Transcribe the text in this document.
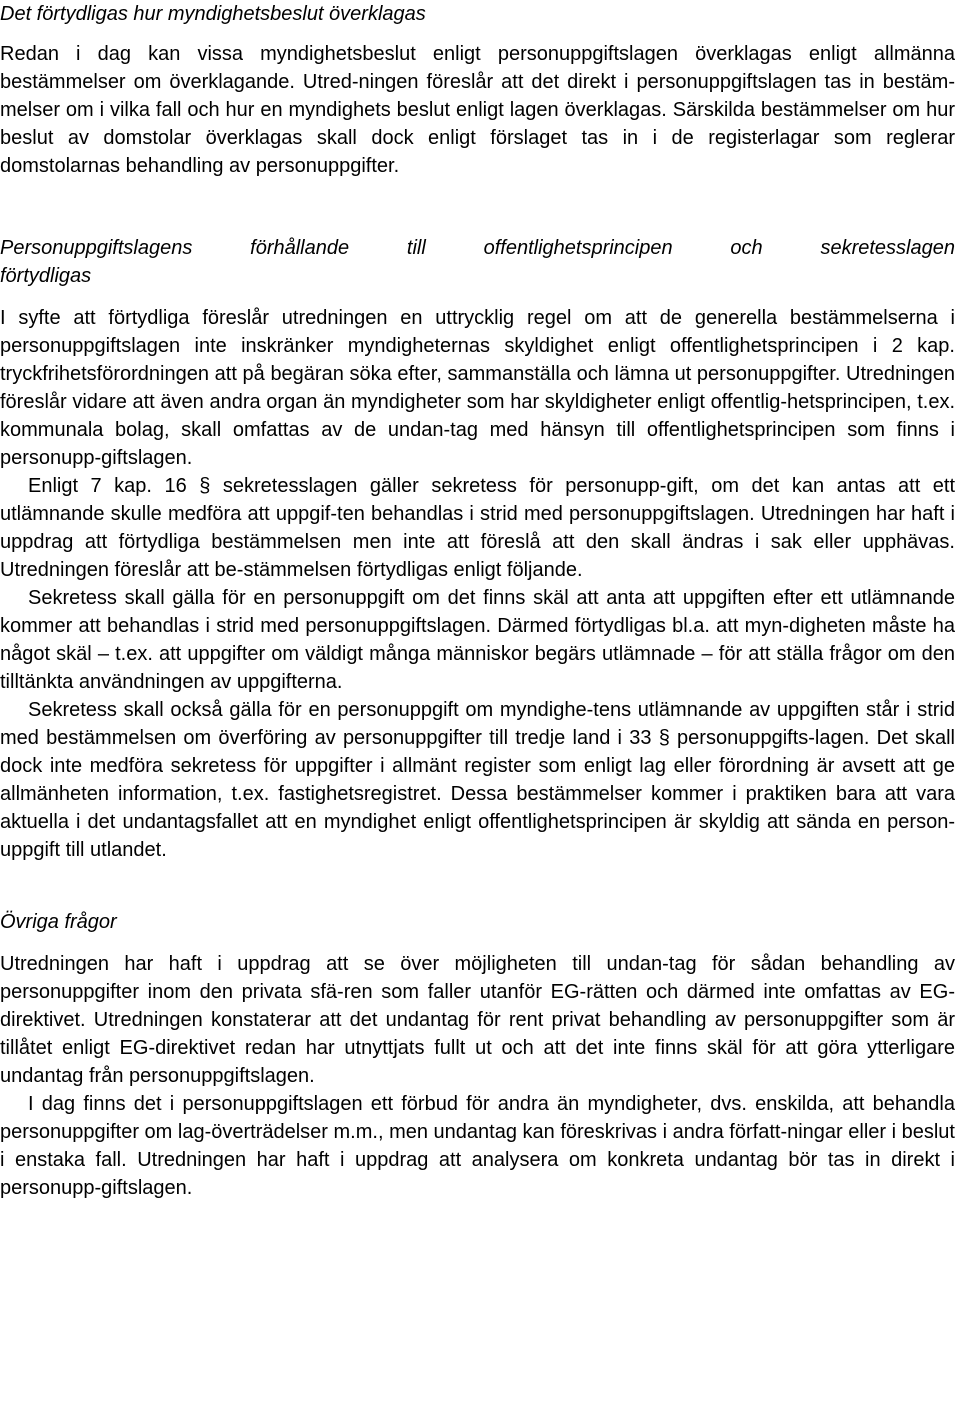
Det förtydligas hur myndighetsbeslut överklagas

Redan i dag kan vissa myndighetsbeslut enligt personuppgiftslagen överklagas enligt allmänna bestämmelser om överklagande. Utred-ningen föreslår att det direkt i personuppgiftslagen tas in bestäm-melser om i vilka fall och hur en myndighets beslut enligt lagen överklagas. Särskilda bestämmelser om hur beslut av domstolar överklagas skall dock enligt förslaget tas in i de registerlagar som reglerar domstolarnas behandling av personuppgifter.

Personuppgiftslagens förhållande till offentlighetsprincipen och sekretesslagen
förtydligas

I syfte att förtydliga föreslår utredningen en uttrycklig regel om att de generella bestämmelserna i personuppgiftslagen inte inskränker myndigheternas skyldighet enligt offentlighetsprincipen i 2 kap. tryckfrihetsförordningen att på begäran söka efter, sammanställa och lämna ut personuppgifter. Utredningen föreslår vidare att även andra organ än myndigheter som har skyldigheter enligt offentlig-hetsprincipen, t.ex. kommunala bolag, skall omfattas av de undan-tag med hänsyn till offentlighetsprincipen som finns i personupp-giftslagen.

Enligt 7 kap. 16 § sekretesslagen gäller sekretess för personupp-gift, om det kan antas att ett utlämnande skulle medföra att uppgif-ten behandlas i strid med personuppgiftslagen. Utredningen har haft i uppdrag att förtydliga bestämmelsen men inte att föreslå att den skall ändras i sak eller upphävas. Utredningen föreslår att be-stämmelsen förtydligas enligt följande.

Sekretess skall gälla för en personuppgift om det finns skäl att anta att uppgiften efter ett utlämnande kommer att behandlas i strid med personuppgiftslagen. Därmed förtydligas bl.a. att myn-digheten måste ha något skäl – t.ex. att uppgifter om väldigt många människor begärs utlämnade – för att ställa frågor om den tilltänkta användningen av uppgifterna.

Sekretess skall också gälla för en personuppgift om myndighe-tens utlämnande av uppgiften står i strid med bestämmelsen om överföring av personuppgifter till tredje land i 33 § personuppgifts-lagen. Det skall dock inte medföra sekretess för uppgifter i allmänt register som enligt lag eller förordning är avsett att ge allmänheten information, t.ex. fastighetsregistret. Dessa bestämmelser kommer i praktiken bara att vara aktuella i det undantagsfallet att en myndighet enligt offentlighetsprincipen är skyldig att sända en person-uppgift till utlandet.

Övriga frågor

Utredningen har haft i uppdrag att se över möjligheten till undan-tag för sådan behandling av personuppgifter inom den privata sfä-ren som faller utanför EG-rätten och därmed inte omfattas av EG-direktivet. Utredningen konstaterar att det undantag för rent privat behandling av personuppgifter som är tillåtet enligt EG-direktivet redan har utnyttjats fullt ut och att det inte finns skäl för att göra ytterligare undantag från personuppgiftslagen.

I dag finns det i personuppgiftslagen ett förbud för andra än myndigheter, dvs. enskilda, att behandla personuppgifter om lag-överträdelser m.m., men undantag kan föreskrivas i andra författ-ningar eller i beslut i enstaka fall. Utredningen har haft i uppdrag att analysera om konkreta undantag bör tas in direkt i personupp-giftslagen.
